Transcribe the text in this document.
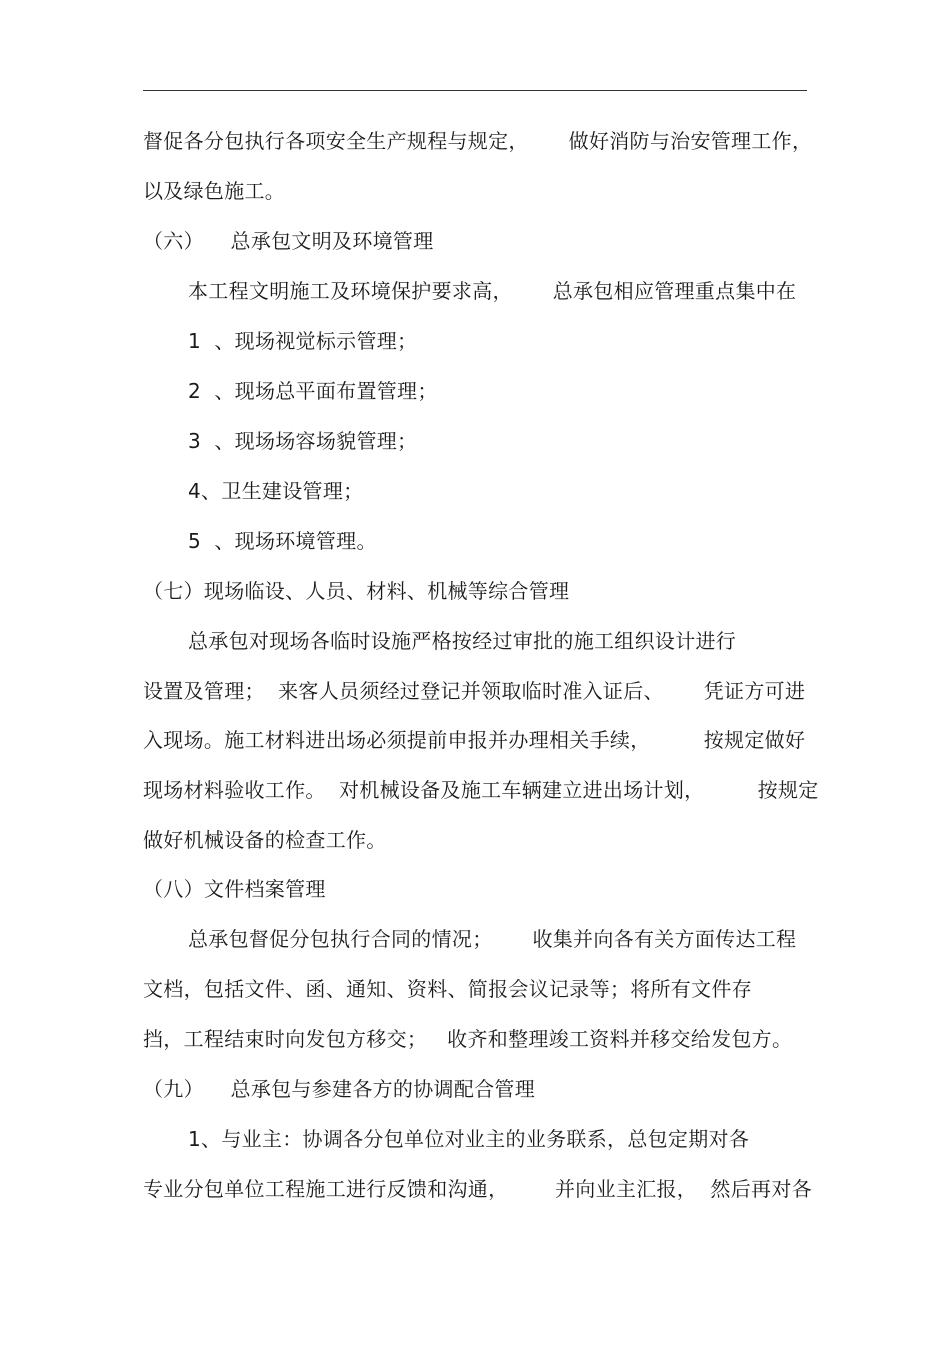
督促各分包执行各项安全生产规程与规定，      做好消防与治安管理工作，
以及绿色施工。
（六）    总承包文明及环境管理
本工程文明施工及环境保护要求高，      总承包相应管理重点集中在
1  、现场视觉标示管理；
2  、现场总平面布置管理；
3  、现场场容场貌管理；
4、卫生建设管理；
5  、现场环境管理。
（七）现场临设、人员、材料、机械等综合管理
总承包对现场各临时设施严格按经过审批的施工组织设计进行
设置及管理；  来客人员须经过登记并领取临时准入证后、      凭证方可进
入现场。施工材料进出场必须提前申报并办理相关手续，        按规定做好
现场材料验收工作。  对机械设备及施工车辆建立进出场计划，        按规定
做好机械设备的检查工作。
（八）文件档案管理
总承包督促分包执行合同的情况；      收集并向各有关方面传达工程
文档，包括文件、函、通知、资料、简报会议记录等；将所有文件存
挡，工程结束时向发包方移交；   收齐和整理竣工资料并移交给发包方。
（九）    总承包与参建各方的协调配合管理
1、与业主：协调各分包单位对业主的业务联系，总包定期对各
专业分包单位工程施工进行反馈和沟通，       并向业主汇报，  然后再对各
